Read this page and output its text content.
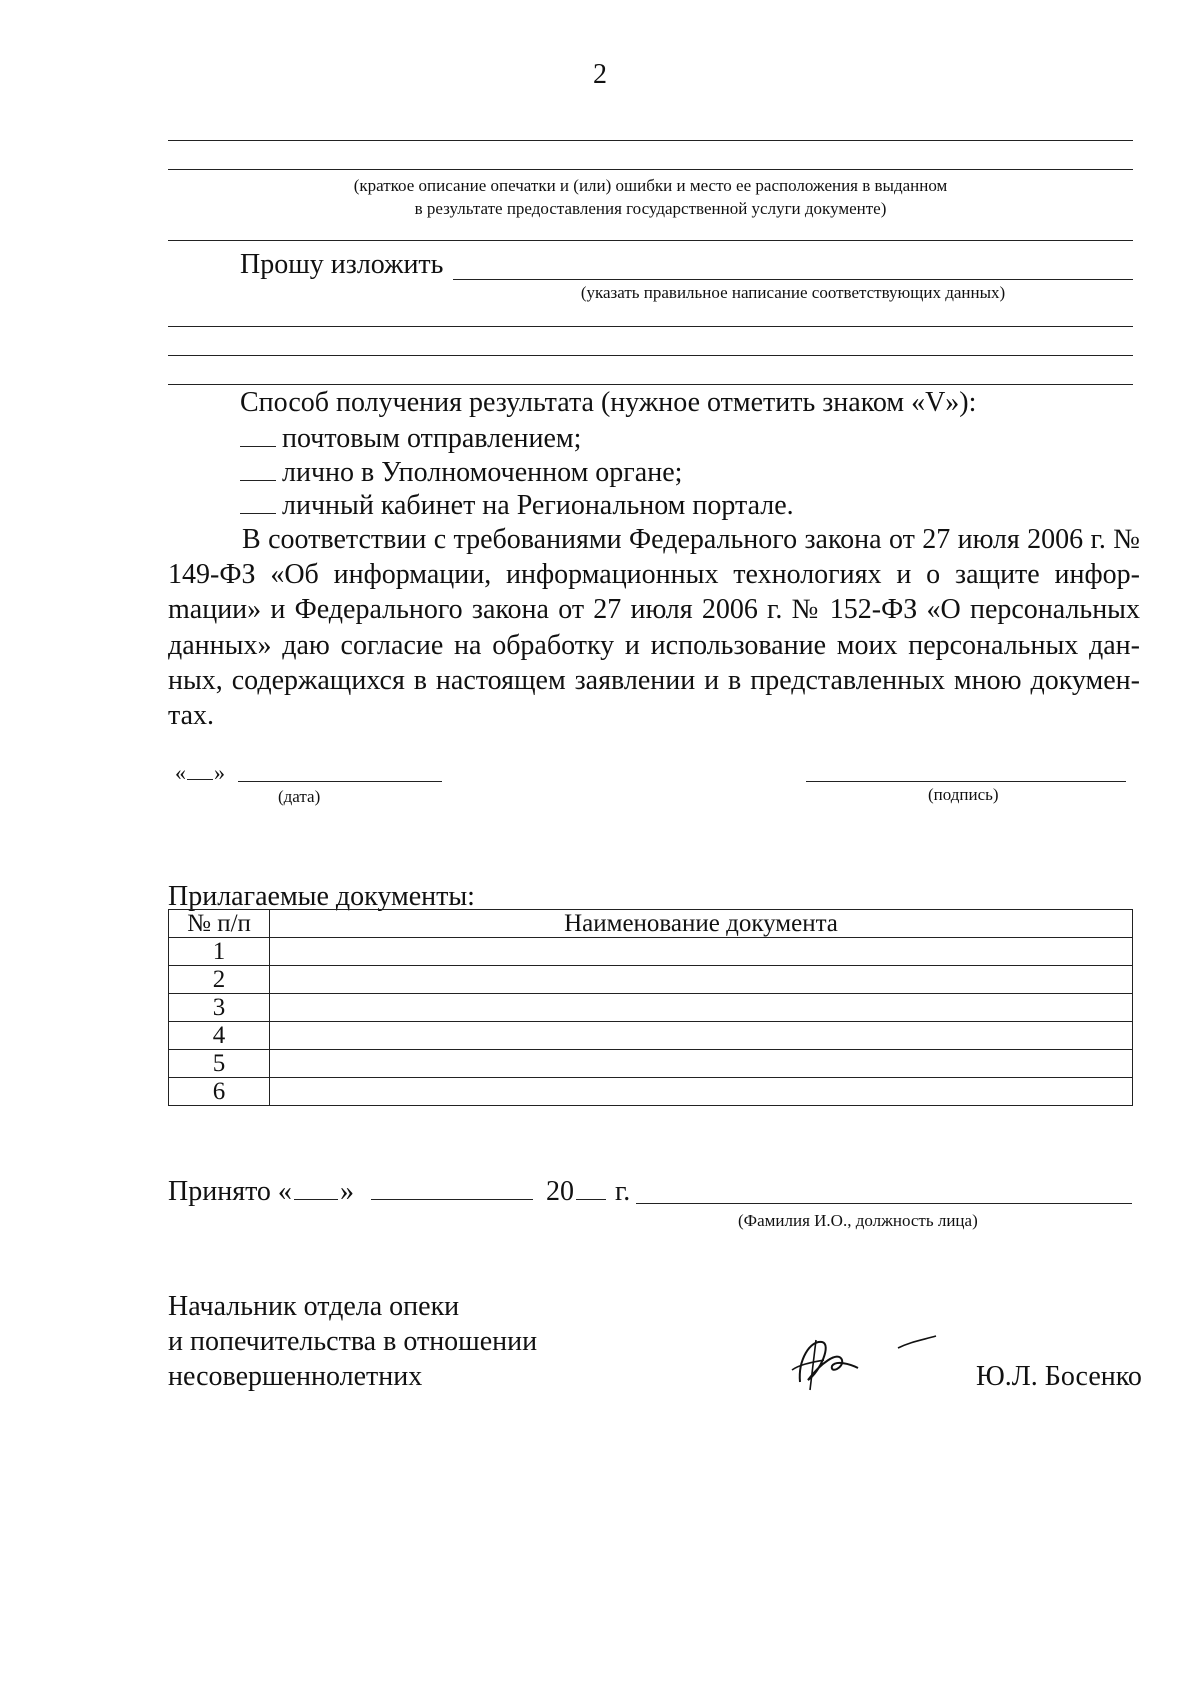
2
(краткое описание опечатки и (или) ошибки и место ее расположения в выданном
в результате предоставления государственной услуги документе)
Прошу изложить
(указать правильное написание соответствующих данных)
Способ получения результата (нужное отметить знаком «V»):
почтовым отправлением;
лично в Уполномоченном органе;
личный кабинет на Региональном портале.
В соответствии с требованиями Федерального закона от 27 июля 2006 г. № 149-ФЗ «Об информации, информационных технологиях и о защите инфорmации» и Федерального закона от 27 июля 2006 г. № 152-ФЗ «О персональных данных» даю согласие на обработку и использование моих персональных данных, содержащихся в настоящем заявлении и в представленных мною документах.
« »
(дата)	(подпись)
Прилагаемые документы:
№ п/п	Наименование документа
1	
2	
3	
4	
5	
6	
Принято « »	20 г.
(Фамилия И.О., должность лица)
Начальник отдела опеки
и попечительства в отношении
несовершеннолетних	Ю.Л. Босенко
